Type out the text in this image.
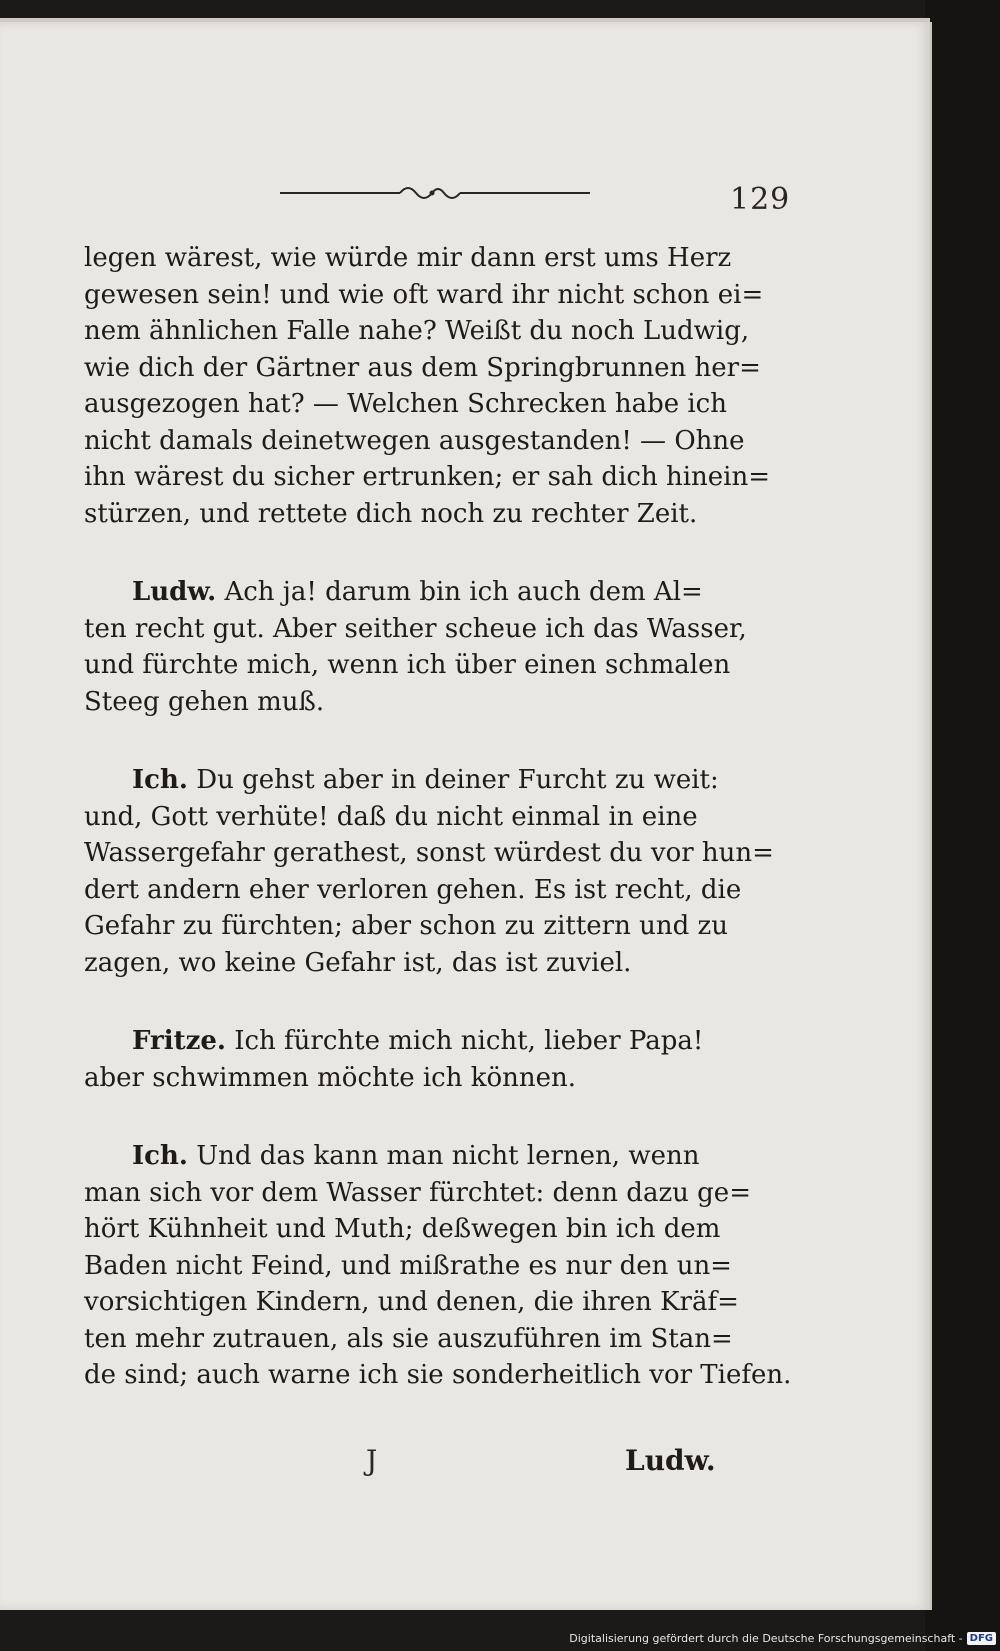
129
legen wärest, wie würde mir dann erst ums Herz
gewesen sein! und wie oft ward ihr nicht schon ei=
nem ähnlichen Falle nahe? Weißt du noch Ludwig,
wie dich der Gärtner aus dem Springbrunnen her=
ausgezogen hat? — Welchen Schrecken habe ich
nicht damals deinetwegen ausgestanden! — Ohne
ihn wärest du sicher ertrunken; er sah dich hinein=
stürzen, und rettete dich noch zu rechter Zeit.
Ludw. Ach ja! darum bin ich auch dem Al=
ten recht gut. Aber seither scheue ich das Wasser,
und fürchte mich, wenn ich über einen schmalen
Steeg gehen muß.
Ich. Du gehst aber in deiner Furcht zu weit:
und, Gott verhüte! daß du nicht einmal in eine
Wassergefahr gerathest, sonst würdest du vor hun=
dert andern eher verloren gehen. Es ist recht, die
Gefahr zu fürchten; aber schon zu zittern und zu
zagen, wo keine Gefahr ist, das ist zuviel.
Fritze. Ich fürchte mich nicht, lieber Papa!
aber schwimmen möchte ich können.
Ich. Und das kann man nicht lernen, wenn
man sich vor dem Wasser fürchtet: denn dazu ge=
hört Kühnheit und Muth; deßwegen bin ich dem
Baden nicht Feind, und mißrathe es nur den un=
vorsichtigen Kindern, und denen, die ihren Kräf=
ten mehr zutrauen, als sie auszuführen im Stan=
de sind; auch warne ich sie sonderheitlich vor Tiefen.
J	Ludw.
Digitalisierung gefördert durch die Deutsche Forschungsgemeinschaft - DFG
